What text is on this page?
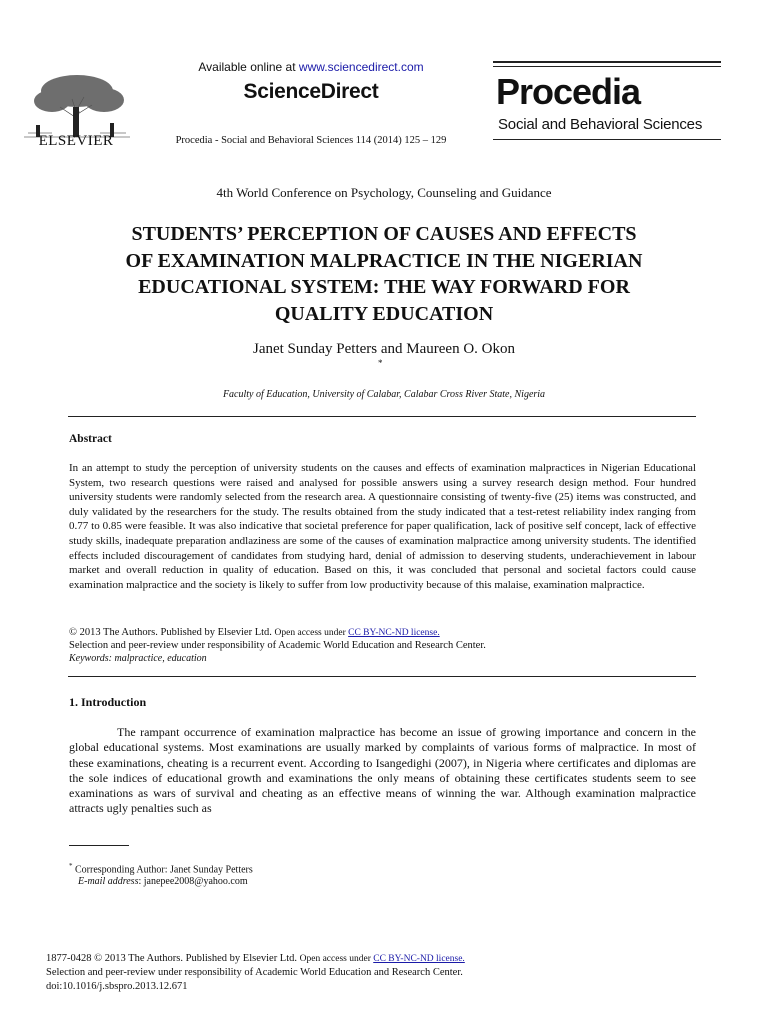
ELSEVIER
Available online at www.sciencedirect.com
ScienceDirect
Procedia - Social and Behavioral Sciences 114 (2014) 125 – 129
Procedia
Social and Behavioral Sciences
4th World Conference on Psychology, Counseling and Guidance
STUDENTS’ PERCEPTION OF CAUSES AND EFFECTS
OF EXAMINATION MALPRACTICE IN THE NIGERIAN
EDUCATIONAL SYSTEM: THE WAY FORWARD FOR
QUALITY EDUCATION
Janet Sunday Petters and Maureen O. Okon
*
Faculty of Education, University of Calabar, Calabar Cross River State, Nigeria
Abstract

In an attempt to study the perception of university students on the causes and effects of examination malpractices in Nigerian Educational System, two research questions were raised and analysed for possible answers using a survey research design method. Four hundred university students were randomly selected from the research area. A questionnaire consisting of twenty-five (25) items was constructed, and duly validated by the researchers for the study. The results obtained from the study indicated that a test-retest reliability index ranging from 0.77 to 0.85 were feasible. It was also indicative that societal preference for paper qualification, lack of positive self concept, lack of effective study skills, inadequate preparation andlaziness are some of the causes of examination malpractice among university students. The identified effects included discouragement of candidates from studying hard, denial of admission to deserving students, underachievement in labour market and overall reduction in quality of education. Based on this, it was concluded that personal and societal factors could cause examination malpractice and the society is likely to suffer from low productivity because of this malaise, examination malpractice.

© 2013 The Authors. Published by Elsevier Ltd. Open access under CC BY-NC-ND license.
Selection and peer-review under responsibility of Academic World Education and Research Center.
Keywords: malpractice, education
1. Introduction

The rampant occurrence of examination malpractice has become an issue of growing importance and concern in the global educational systems. Most examinations are usually marked by complaints of various forms of malpractice. In most of these examinations, cheating is a recurrent event. According to Isangedighi (2007), in Nigeria where certificates and diplomas are the sole indices of educational growth and examinations the only means of obtaining these certificates students seem to see examinations as wars of survival and cheating as an effective means of winning the war. Although examination malpractice attracts ugly penalties such as

* Corresponding Author: Janet Sunday Petters
E-mail address: janepee2008@yahoo.com
1877-0428 © 2013 The Authors. Published by Elsevier Ltd. Open access under CC BY-NC-ND license.
Selection and peer-review under responsibility of Academic World Education and Research Center.
doi:10.1016/j.sbspro.2013.12.671
